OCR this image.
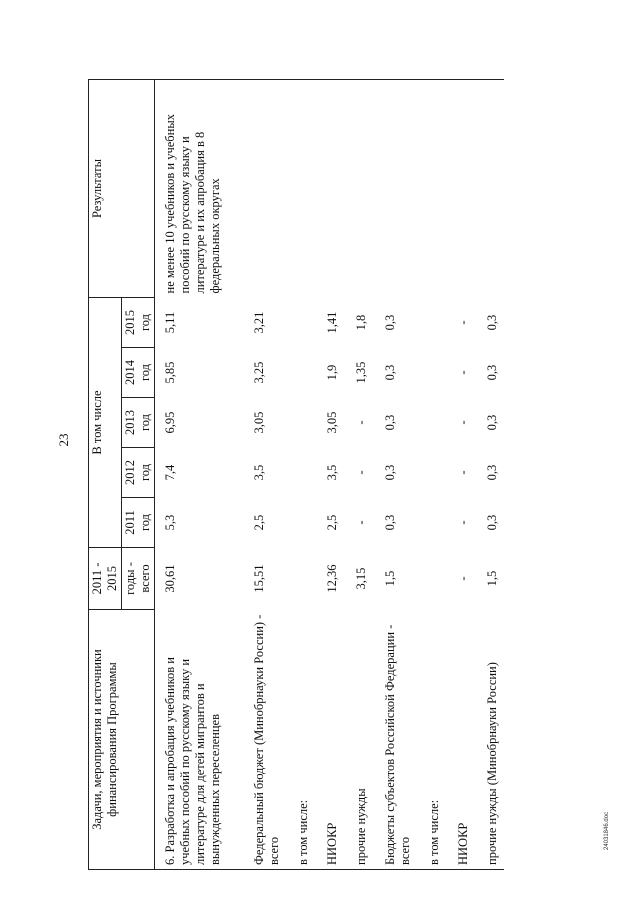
23
Задачи, мероприятия и источники финансирования Программы	2011 - 2015	В том числе					Результаты
	годы - всего	2011 год	2012 год	2013 год	2014 год	2015 год	
6. Разработка и апробация учебников и учебных пособий по русскому языку и литературе для детей мигрантов и вынужденных переселенцев	30,61	5,3	7,4	6,95	5,85	5,11	не менее 10 учебников и учебных пособий по русскому языку и литературе и их апробация в 8 федеральных округах

Федеральный бюджет (Минобрнауки России) - всего	15,51	2,5	3,5	3,05	3,25	3,21	
в том числе:							
НИОКР	12,36	2,5	3,5	3,05	1,9	1,41	
прочие нужды	3,15	-	-	-	1,35	1,8	
Бюджеты субъектов Российской Федерации - всего	1,5	0,3	0,3	0,3	0,3	0,3	
в том числе:							
НИОКР	-	-	-	-	-	-	
прочие нужды (Минобрнауки России)	1,5	0,3	0,3	0,3	0,3	0,3	
24031846.doc
